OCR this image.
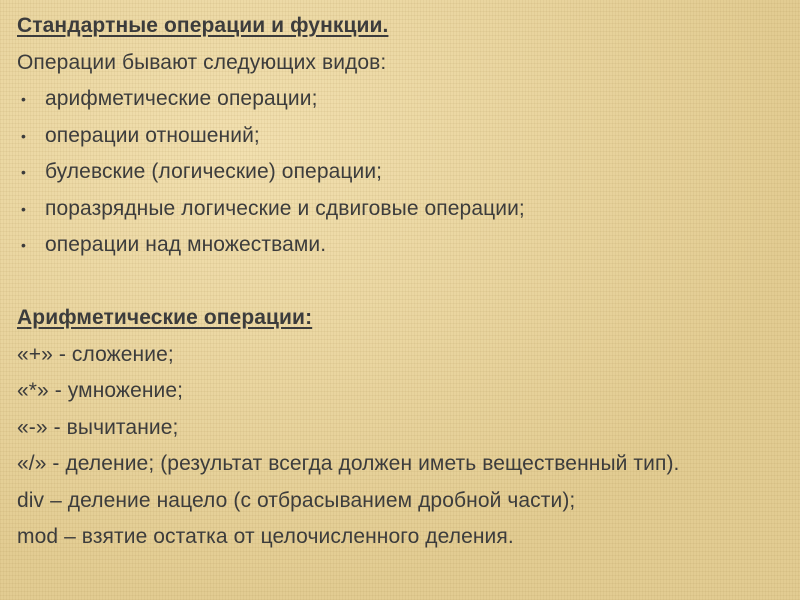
Стандартные операции и функции.
Операции бывают следующих видов:
• арифметические операции;
• операции отношений;
• булевские (логические) операции;
• поразрядные логические и сдвиговые операции;
• операции над множествами.
Арифметические операции:
«+» - сложение;
«*» - умножение;
«-» - вычитание;
«/» - деление; (результат всегда должен иметь вещественный тип).
div – деление нацело (с отбрасыванием дробной части);
mod – взятие остатка от целочисленного деления.
